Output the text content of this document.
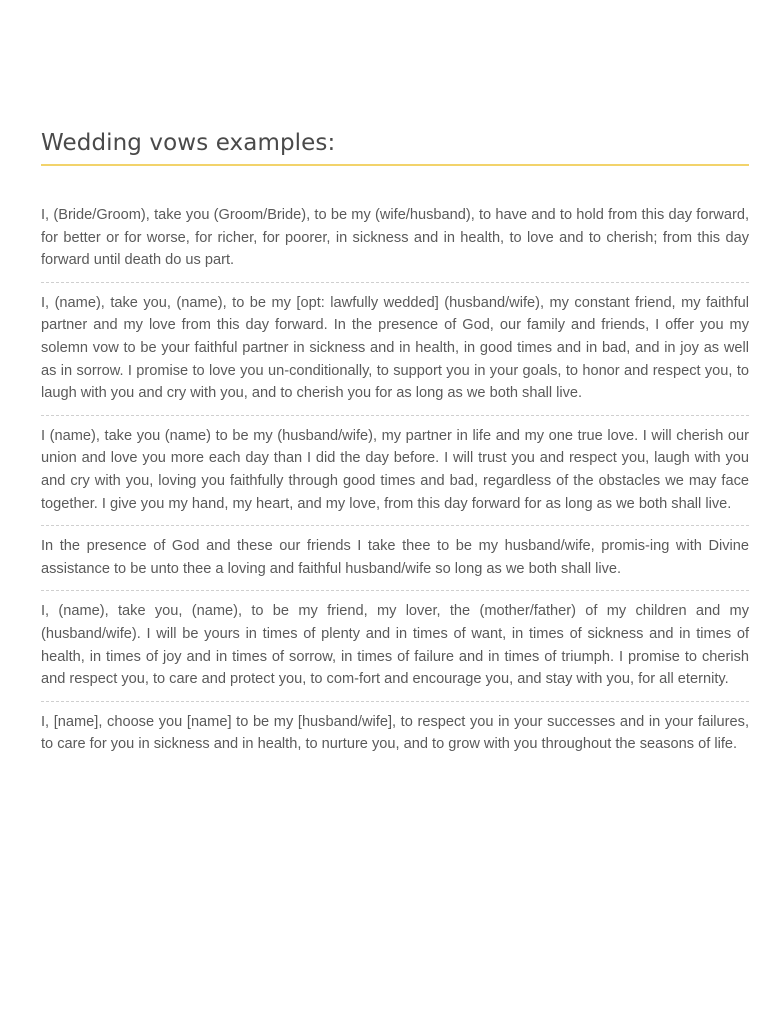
Wedding vows examples:

I, (Bride/Groom), take you (Groom/Bride), to be my (wife/husband), to have and to hold from this day forward, for better or for worse, for richer, for poorer, in sickness and in health, to love and to cherish; from this day forward until death do us part.

I, (name), take you, (name), to be my [opt: lawfully wedded] (husband/wife), my constant friend, my faithful partner and my love from this day forward. In the presence of God, our family and friends, I offer you my solemn vow to be your faithful partner in sickness and in health, in good times and in bad, and in joy as well as in sorrow. I promise to love you un-conditionally, to support you in your goals, to honor and respect you, to laugh with you and cry with you, and to cherish you for as long as we both shall live.

I (name), take you (name) to be my (husband/wife), my partner in life and my one true love. I will cherish our union and love you more each day than I did the day before. I will trust you and respect you, laugh with you and cry with you, loving you faithfully through good times and bad, regardless of the obstacles we may face together. I give you my hand, my heart, and my love, from this day forward for as long as we both shall live.

In the presence of God and these our friends I take thee to be my husband/wife, promis-ing with Divine assistance to be unto thee a loving and faithful husband/wife so long as we both shall live.

I, (name), take you, (name), to be my friend, my lover, the (mother/father) of my children and my (husband/wife). I will be yours in times of plenty and in times of want, in times of sickness and in times of health, in times of joy and in times of sorrow, in times of failure and in times of triumph. I promise to cherish and respect you, to care and protect you, to com-fort and encourage you, and stay with you, for all eternity.

I, [name], choose you [name] to be my [husband/wife], to respect you in your successes and in your failures, to care for you in sickness and in health, to nurture you, and to grow with you throughout the seasons of life.
